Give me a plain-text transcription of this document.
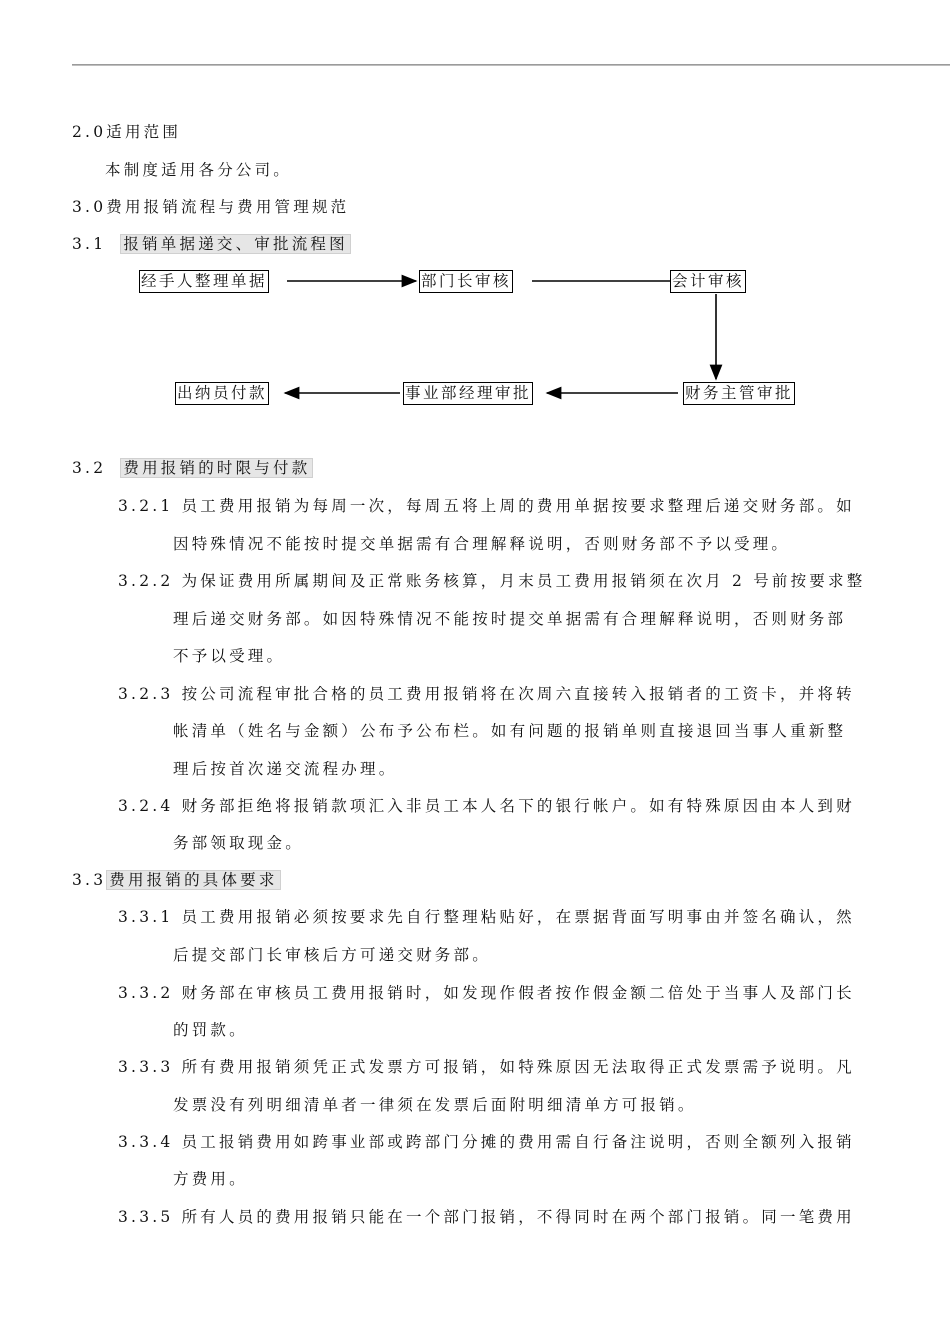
2.0适用范围
本制度适用各分公司。
3.0费用报销流程与费用管理规范
3.1 报销单据递交、审批流程图
经手人整理单据	部门长审核	会计审核
财务主管审批
事业部经理审批
出纳员付款
3.2 费用报销的时限与付款
3.2.1 员工费用报销为每周一次，每周五将上周的费用单据按要求整理后递交财务部。如
因特殊情况不能按时提交单据需有合理解释说明，否则财务部不予以受理。
3.2.2 为保证费用所属期间及正常账务核算，月末员工费用报销须在次月 2 号前按要求整
理后递交财务部。如因特殊情况不能按时提交单据需有合理解释说明，否则财务部
不予以受理。
3.2.3 按公司流程审批合格的员工费用报销将在次周六直接转入报销者的工资卡，并将转
帐清单（姓名与金额）公布予公布栏。如有问题的报销单则直接退回当事人重新整
理后按首次递交流程办理。
3.2.4 财务部拒绝将报销款项汇入非员工本人名下的银行帐户。如有特殊原因由本人到财
务部领取现金。
3.3 费用报销的具体要求
3.3.1 员工费用报销必须按要求先自行整理粘贴好，在票据背面写明事由并签名确认，然
后提交部门长审核后方可递交财务部。
3.3.2 财务部在审核员工费用报销时，如发现作假者按作假金额二倍处于当事人及部门长
的罚款。
3.3.3 所有费用报销须凭正式发票方可报销，如特殊原因无法取得正式发票需予说明。凡
发票没有列明细清单者一律须在发票后面附明细清单方可报销。
3.3.4 员工报销费用如跨事业部或跨部门分摊的费用需自行备注说明，否则全额列入报销
方费用。
3.3.5 所有人员的费用报销只能在一个部门报销，不得同时在两个部门报销。同一笔费用
